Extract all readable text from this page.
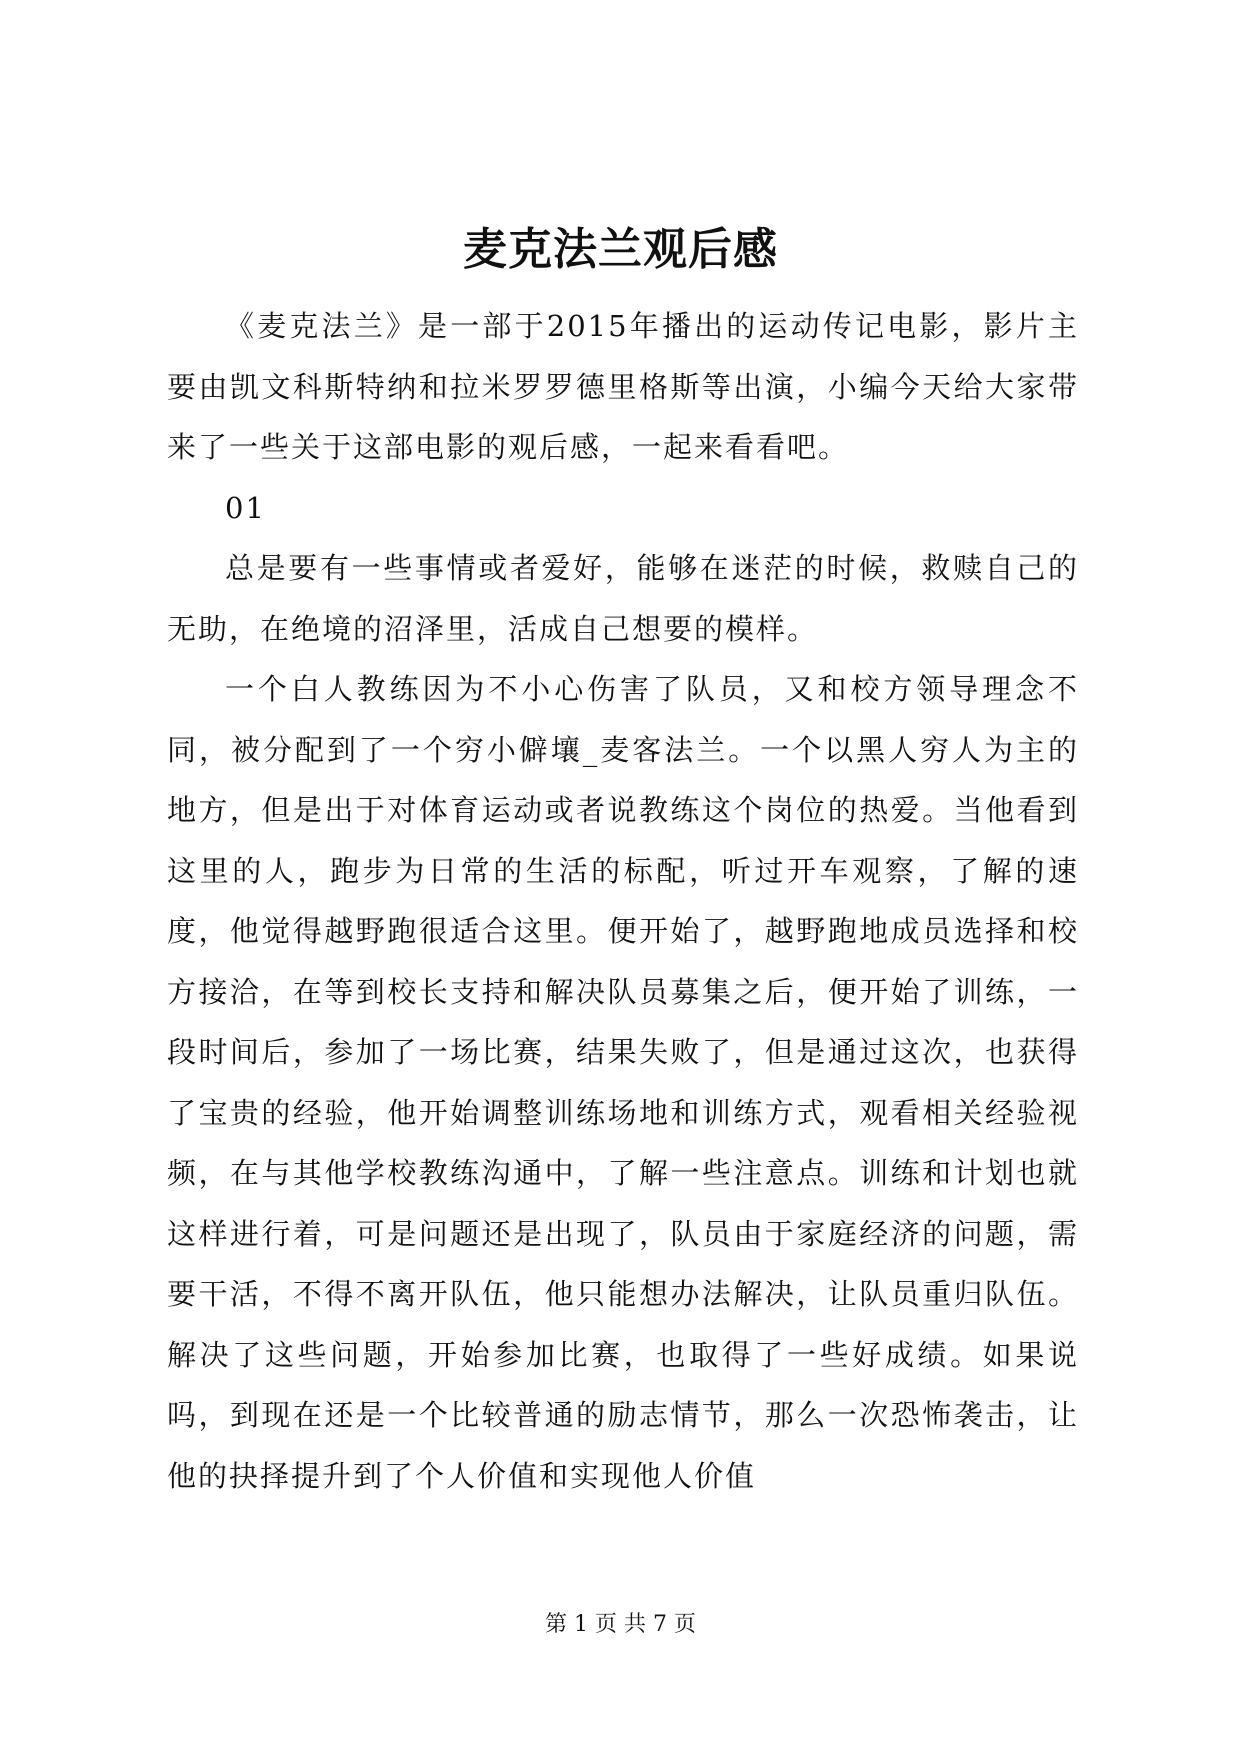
麦克法兰观后感

《麦克法兰》是一部于2015年播出的运动传记电影，影片主要由凯文科斯特纳和拉米罗罗德里格斯等出演，小编今天给大家带来了一些关于这部电影的观后感，一起来看看吧。

01

总是要有一些事情或者爱好，能够在迷茫的时候，救赎自己的无助，在绝境的沼泽里，活成自己想要的模样。

一个白人教练因为不小心伤害了队员，又和校方领导理念不同，被分配到了一个穷小僻壤_麦客法兰。一个以黑人穷人为主的地方，但是出于对体育运动或者说教练这个岗位的热爱。当他看到这里的人，跑步为日常的生活的标配，听过开车观察，了解的速度，他觉得越野跑很适合这里。便开始了，越野跑地成员选择和校方接洽，在等到校长支持和解决队员募集之后，便开始了训练，一段时间后，参加了一场比赛，结果失败了，但是通过这次，也获得了宝贵的经验，他开始调整训练场地和训练方式，观看相关经验视频，在与其他学校教练沟通中，了解一些注意点。训练和计划也就这样进行着，可是问题还是出现了，队员由于家庭经济的问题，需要干活，不得不离开队伍，他只能想办法解决，让队员重归队伍。解决了这些问题，开始参加比赛，也取得了一些好成绩。如果说吗，到现在还是一个比较普通的励志情节，那么一次恐怖袭击，让他的抉择提升到了个人价值和实现他人价值

第 1 页 共 7 页
